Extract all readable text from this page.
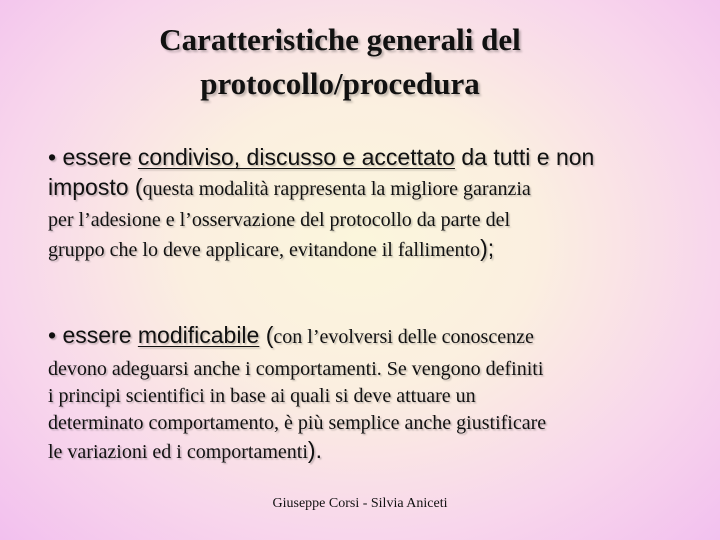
Caratteristiche generali del
protocollo/procedura
• essere condiviso, discusso e accettato da tutti e non
imposto (questa modalità rappresenta la migliore garanzia
per l’adesione e l’osservazione del protocollo da parte del
gruppo che lo deve applicare, evitandone il fallimento);
• essere modificabile (con l’evolversi delle conoscenze
devono adeguarsi anche i comportamenti. Se vengono definiti
i principi scientifici in base ai quali si deve attuare un
determinato comportamento, è più semplice anche giustificare
le variazioni ed i comportamenti).
Giuseppe Corsi - Silvia Aniceti
